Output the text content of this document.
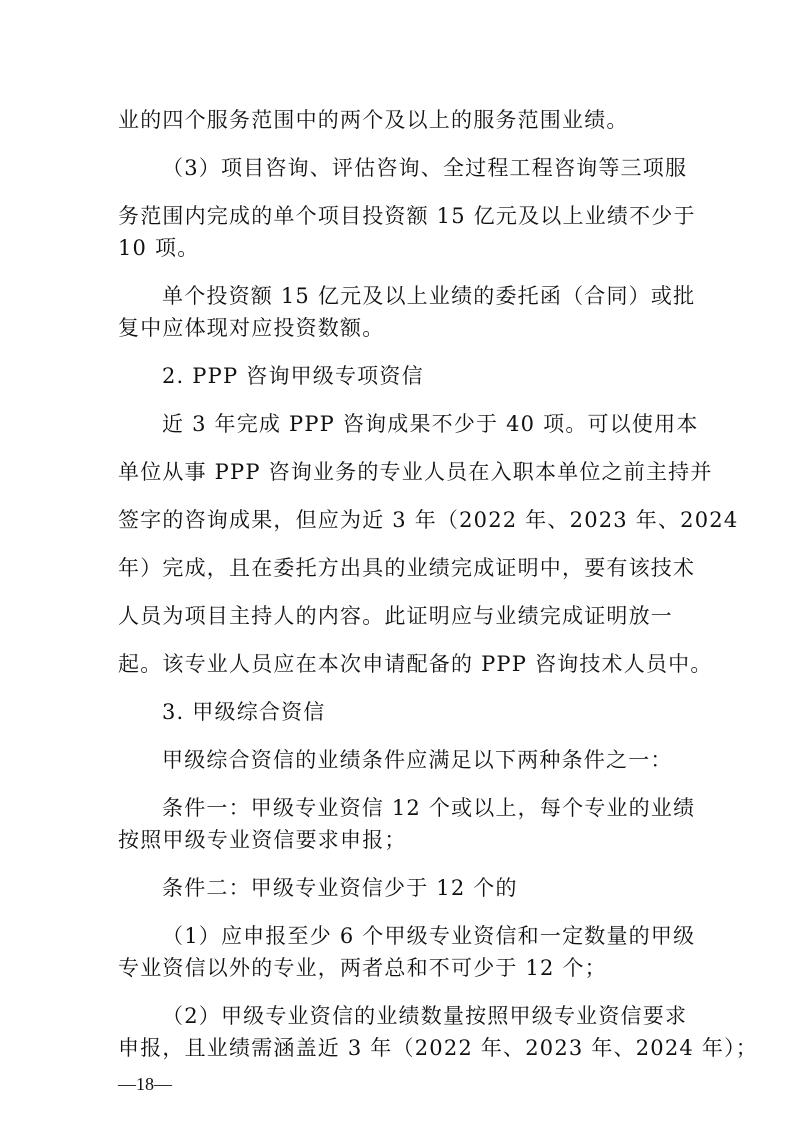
业的四个服务范围中的两个及以上的服务范围业绩。
（3）项目咨询、评估咨询、全过程工程咨询等三项服
务范围内完成的单个项目投资额 15 亿元及以上业绩不少于
10 项。
单个投资额 15 亿元及以上业绩的委托函（合同）或批
复中应体现对应投资数额。
2. PPP 咨询甲级专项资信
近 3 年完成 PPP 咨询成果不少于 40 项。可以使用本
单位从事 PPP 咨询业务的专业人员在入职本单位之前主持并
签字的咨询成果，但应为近 3 年（2022 年、2023 年、2024
年）完成，且在委托方出具的业绩完成证明中，要有该技术
人员为项目主持人的内容。此证明应与业绩完成证明放一
起。该专业人员应在本次申请配备的 PPP 咨询技术人员中。
3. 甲级综合资信
甲级综合资信的业绩条件应满足以下两种条件之一：
条件一：甲级专业资信 12 个或以上，每个专业的业绩
按照甲级专业资信要求申报；
条件二：甲级专业资信少于 12 个的
（1）应申报至少 6 个甲级专业资信和一定数量的甲级
专业资信以外的专业，两者总和不可少于 12 个；
（2）甲级专业资信的业绩数量按照甲级专业资信要求
申报，且业绩需涵盖近 3 年（2022 年、2023 年、2024 年）；
—18—
